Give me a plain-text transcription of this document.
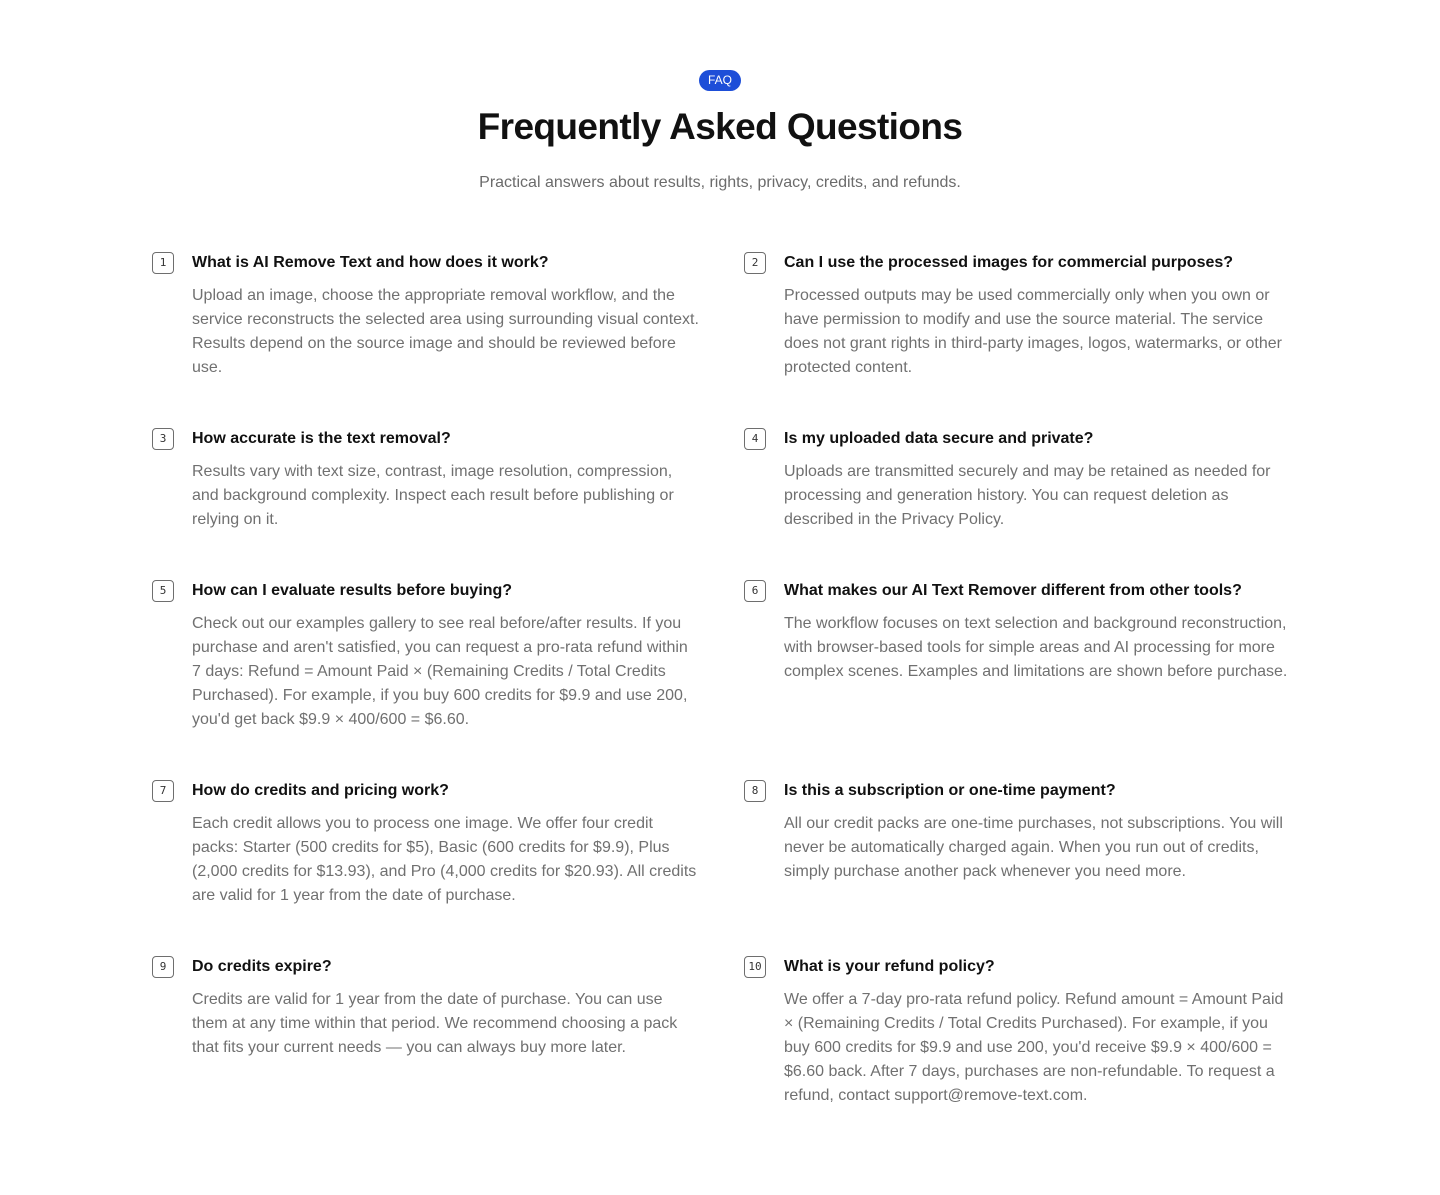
FAQ
Frequently Asked Questions

Practical answers about results, rights, privacy, credits, and refunds.

1	What is AI Remove Text and how does it work?

Upload an image, choose the appropriate removal workflow, and the service reconstructs the selected area using surrounding visual context. Results depend on the source image and should be reviewed before use.

2	Can I use the processed images for commercial purposes?

Processed outputs may be used commercially only when you own or have permission to modify and use the source material. The service does not grant rights in third-party images, logos, watermarks, or other protected content.

3	How accurate is the text removal?

Results vary with text size, contrast, image resolution, compression, and background complexity. Inspect each result before publishing or relying on it.

4	Is my uploaded data secure and private?

Uploads are transmitted securely and may be retained as needed for processing and generation history. You can request deletion as described in the Privacy Policy.

5	How can I evaluate results before buying?

Check out our examples gallery to see real before/after results. If you purchase and aren't satisfied, you can request a pro-rata refund within 7 days: Refund = Amount Paid × (Remaining Credits / Total Credits Purchased). For example, if you buy 600 credits for $9.9 and use 200, you'd get back $9.9 × 400/600 = $6.60.

6	What makes our AI Text Remover different from other tools?

The workflow focuses on text selection and background reconstruction, with browser-based tools for simple areas and AI processing for more complex scenes. Examples and limitations are shown before purchase.

7	How do credits and pricing work?

Each credit allows you to process one image. We offer four credit packs: Starter (500 credits for $5), Basic (600 credits for $9.9), Plus (2,000 credits for $13.93), and Pro (4,000 credits for $20.93). All credits are valid for 1 year from the date of purchase.

8	Is this a subscription or one-time payment?

All our credit packs are one-time purchases, not subscriptions. You will never be automatically charged again. When you run out of credits, simply purchase another pack whenever you need more.

9	Do credits expire?

Credits are valid for 1 year from the date of purchase. You can use them at any time within that period. We recommend choosing a pack that fits your current needs — you can always buy more later.

10 What is your refund policy?

We offer a 7-day pro-rata refund policy. Refund amount = Amount Paid × (Remaining Credits / Total Credits Purchased). For example, if you buy 600 credits for $9.9 and use 200, you'd receive $9.9 × 400/600 = $6.60 back. After 7 days, purchases are non-refundable. To request a refund, contact support@remove-text.com.
